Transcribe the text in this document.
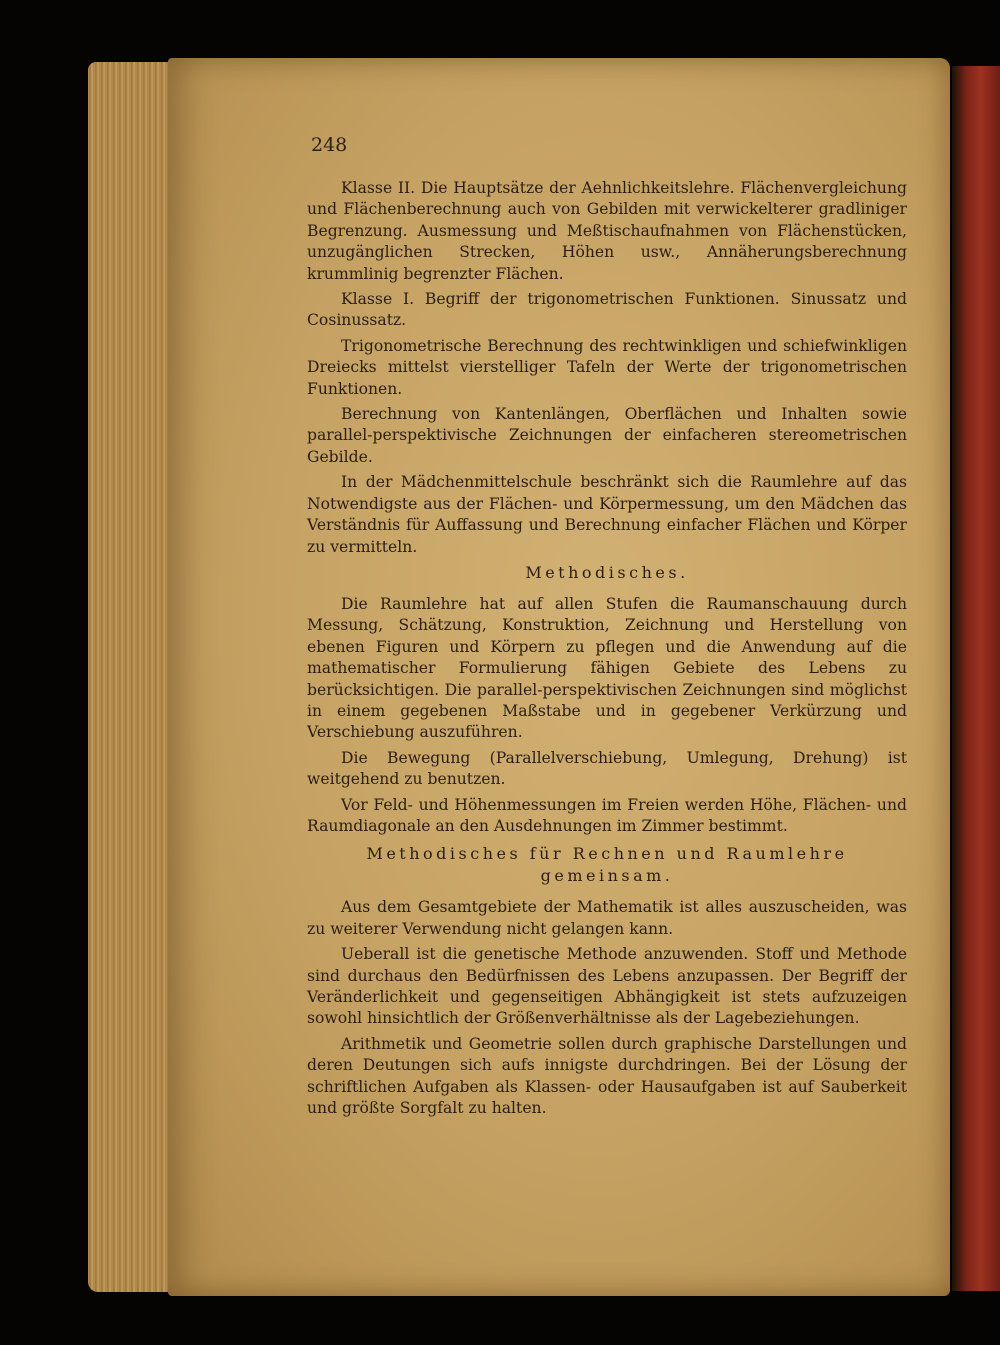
248

Klasse II. Die Hauptsätze der Aehnlichkeitslehre. Flächenvergleichung und Flächenberechnung auch von Gebilden mit verwickelterer gradliniger Begrenzung. Ausmessung und Meßtischaufnahmen von Flächenstücken, unzugänglichen Strecken, Höhen usw., Annäherungsberechnung krummlinig begrenzter Flächen.

Klasse I. Begriff der trigonometrischen Funktionen. Sinussatz und Cosinussatz.

Trigonometrische Berechnung des rechtwinkligen und schiefwinkligen Dreiecks mittelst vierstelliger Tafeln der Werte der trigonometrischen Funktionen.

Berechnung von Kantenlängen, Oberflächen und Inhalten sowie parallel-perspektivische Zeichnungen der einfacheren stereometrischen Gebilde.

In der Mädchenmittelschule beschränkt sich die Raumlehre auf das Notwendigste aus der Flächen- und Körpermessung, um den Mädchen das Verständnis für Auffassung und Berechnung einfacher Flächen und Körper zu vermitteln.

Methodisches.

Die Raumlehre hat auf allen Stufen die Raumanschauung durch Messung, Schätzung, Konstruktion, Zeichnung und Herstellung von ebenen Figuren und Körpern zu pflegen und die Anwendung auf die mathematischer Formulierung fähigen Gebiete des Lebens zu berücksichtigen. Die parallel-perspektivischen Zeichnungen sind möglichst in einem gegebenen Maßstabe und in gegebener Verkürzung und Verschiebung auszuführen.

Die Bewegung (Parallelverschiebung, Umlegung, Drehung) ist weitgehend zu benutzen.

Vor Feld- und Höhenmessungen im Freien werden Höhe, Flächen- und Raumdiagonale an den Ausdehnungen im Zimmer bestimmt.

Methodisches für Rechnen und Raumlehre gemeinsam.

Aus dem Gesamtgebiete der Mathematik ist alles auszuscheiden, was zu weiterer Verwendung nicht gelangen kann.

Ueberall ist die genetische Methode anzuwenden. Stoff und Methode sind durchaus den Bedürfnissen des Lebens anzupassen. Der Begriff der Veränderlichkeit und gegenseitigen Abhängigkeit ist stets aufzuzeigen sowohl hinsichtlich der Größenverhältnisse als der Lagebeziehungen.

Arithmetik und Geometrie sollen durch graphische Darstellungen und deren Deutungen sich aufs innigste durchdringen. Bei der Lösung der schriftlichen Aufgaben als Klassen- oder Hausaufgaben ist auf Sauberkeit und größte Sorgfalt zu halten.
